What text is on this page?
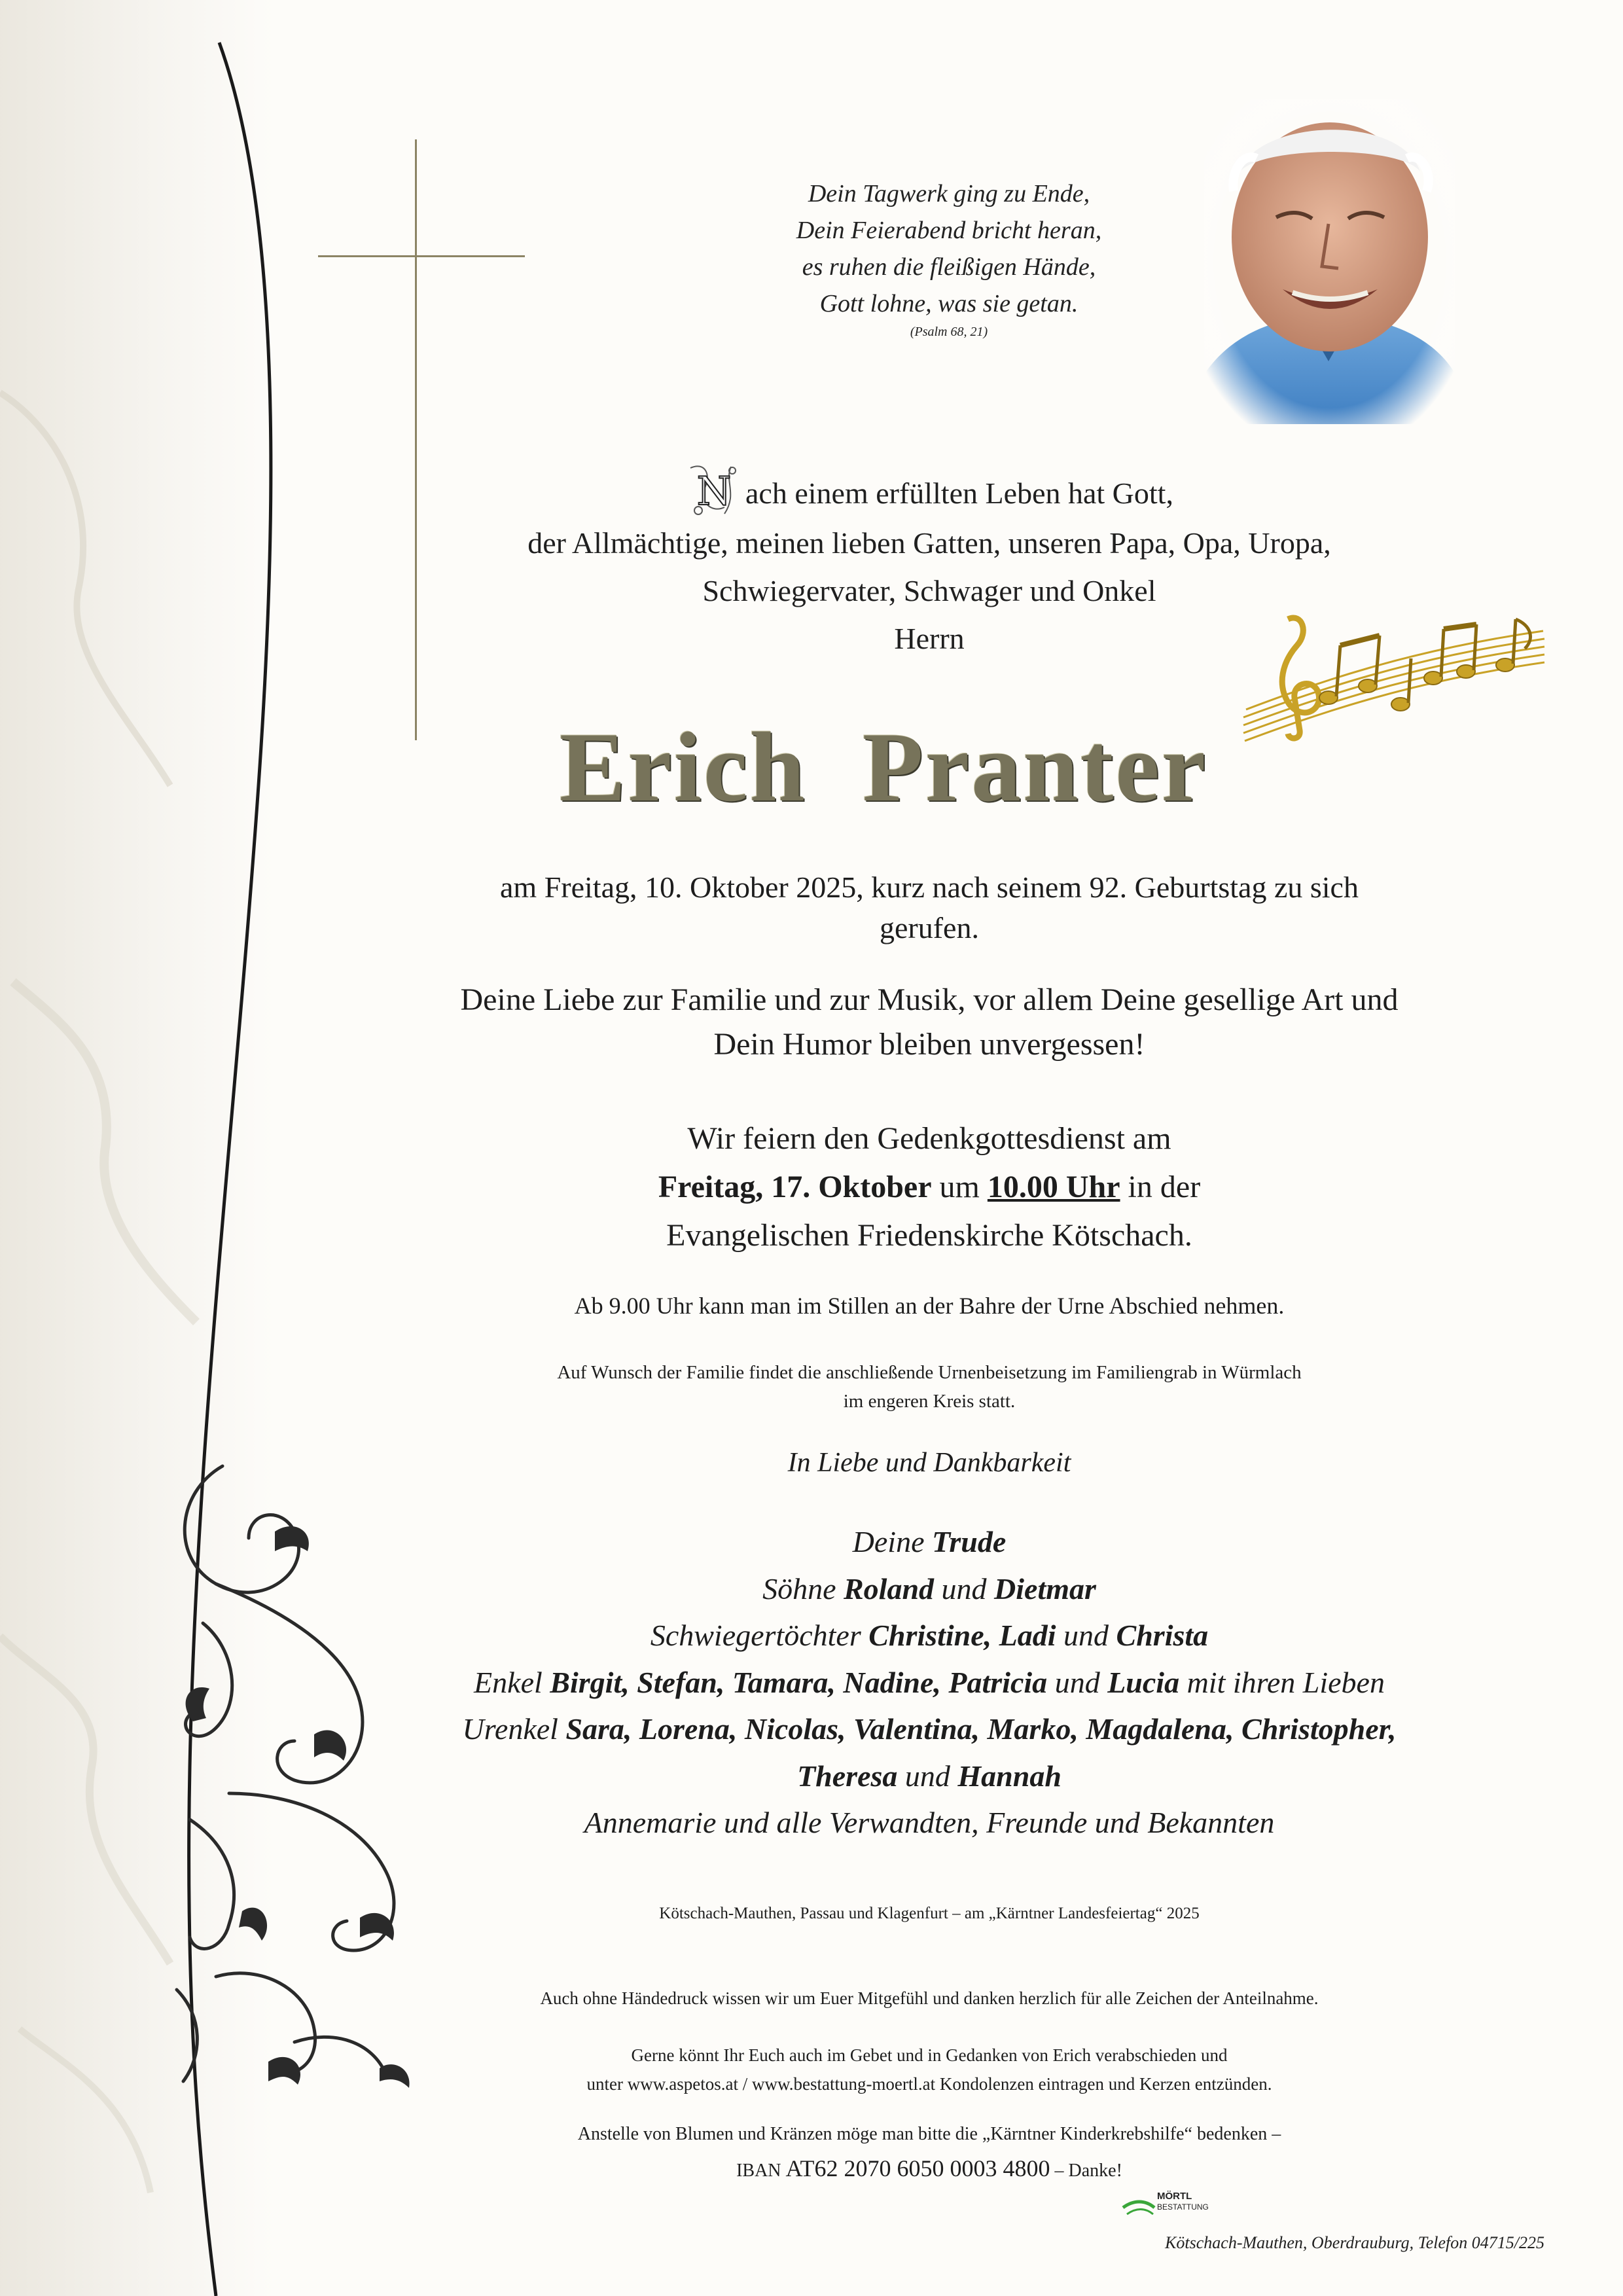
Dein Tagwerk ging zu Ende,
Dein Feierabend bricht heran,
es ruhen die fleißigen Hände,
Gott lohne, was sie getan.
(Psalm 68, 21)
N ach einem erfüllten Leben hat Gott,
der Allmächtige, meinen lieben Gatten, unseren Papa, Opa, Uropa,
Schwiegervater, Schwager und Onkel
Herrn
Erich Pranter
am Freitag, 10. Oktober 2025, kurz nach seinem 92. Geburtstag zu sich
gerufen.
Deine Liebe zur Familie und zur Musik, vor allem Deine gesellige Art und
Dein Humor bleiben unvergessen!
Wir feiern den Gedenkgottesdienst am
Freitag, 17. Oktober um 10.00 Uhr in der
Evangelischen Friedenskirche Kötschach.
Ab 9.00 Uhr kann man im Stillen an der Bahre der Urne Abschied nehmen.
Auf Wunsch der Familie findet die anschließende Urnenbeisetzung im Familiengrab in Würmlach
im engeren Kreis statt.
In Liebe und Dankbarkeit
Deine Trude
Söhne Roland und Dietmar
Schwiegertöchter Christine, Ladi und Christa
Enkel Birgit, Stefan, Tamara, Nadine, Patricia und Lucia mit ihren Lieben
Urenkel Sara, Lorena, Nicolas, Valentina, Marko, Magdalena, Christopher,
Theresa und Hannah
Annemarie und alle Verwandten, Freunde und Bekannten
Kötschach-Mauthen, Passau und Klagenfurt – am „Kärntner Landesfeiertag“ 2025
Auch ohne Händedruck wissen wir um Euer Mitgefühl und danken herzlich für alle Zeichen der Anteilnahme.
Gerne könnt Ihr Euch auch im Gebet und in Gedanken von Erich verabschieden und
unter www.aspetos.at / www.bestattung-moertl.at Kondolenzen eintragen und Kerzen entzünden.
Anstelle von Blumen und Kränzen möge man bitte die „Kärntner Kinderkrebshilfe“ bedenken –
IBAN AT62 2070 6050 0003 4800 – Danke!
MÖRTL
BESTATTUNG
Kötschach-Mauthen, Oberdrauburg, Telefon 04715/225
